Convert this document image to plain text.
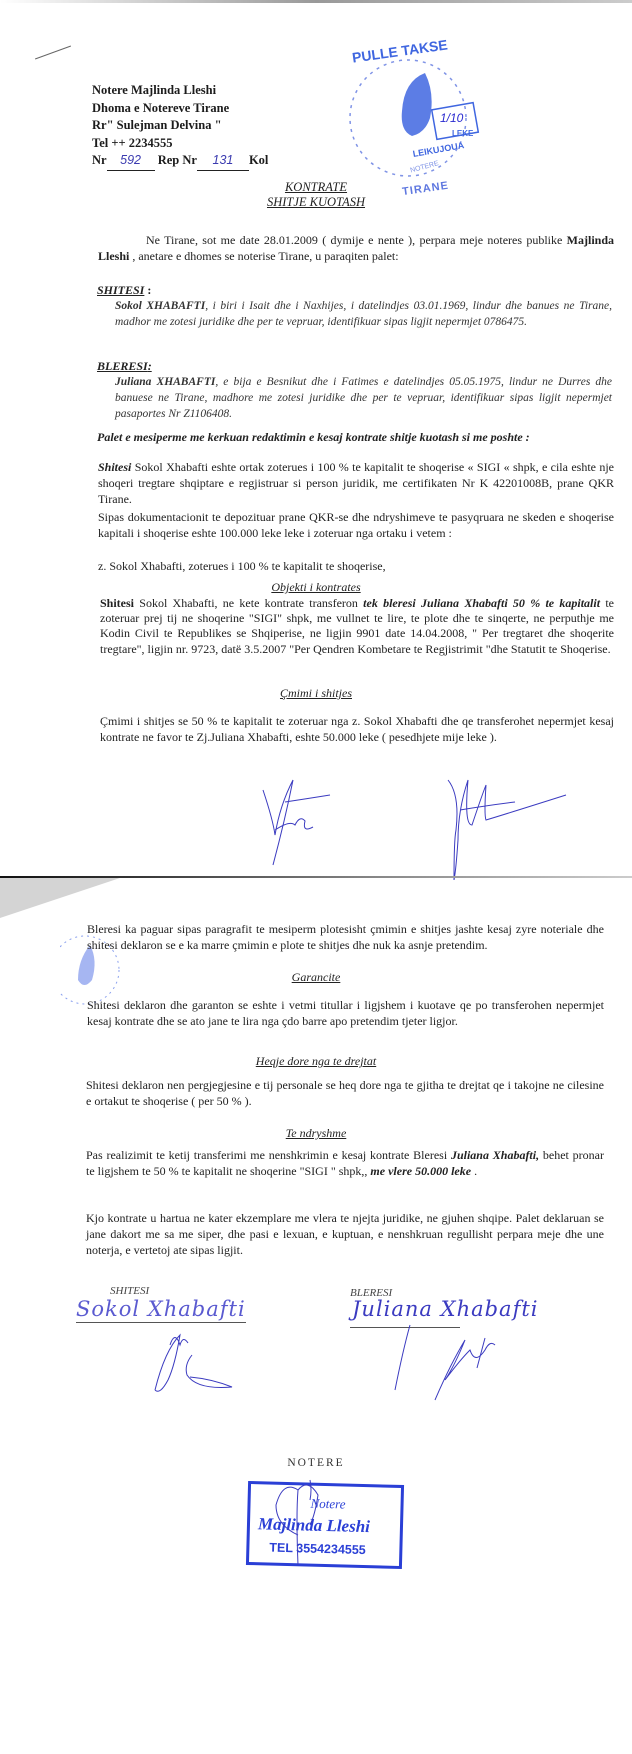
PULLE TAKSE
1/10
LEKE
LEIKUJOUA
NOTERE
TIRANE
Notere Majlinda Lleshi
Dhoma e Notereve Tirane
Rr" Sulejman Delvina "
Tel ++ 2234555
Nr 592 Rep Nr 131 Kol
KONTRATE
SHITJE KUOTASH
Ne Tirane, sot me date 28.01.2009 ( dymije e nente ), perpara meje noteres publike Majlinda Lleshi , anetare e dhomes se noterise Tirane, u paraqiten palet:
SHITESI :
Sokol XHABAFTI, i biri i Isait dhe i Naxhijes, i datelindjes 03.01.1969, lindur dhe banues ne Tirane, madhor me zotesi juridike dhe per te vepruar, identifikuar sipas ligjit nepermjet 0786475.
BLERESI:
Juliana XHABAFTI, e bija e Besnikut dhe i Fatimes e datelindjes 05.05.1975, lindur ne Durres dhe banuese ne Tirane, madhore me zotesi juridike dhe per te vepruar, identifikuar sipas ligjit nepermjet pasaportes Nr Z1106408.
Palet e mesiperme me kerkuan redaktimin e kesaj kontrate shitje kuotash si me poshte :
Shitesi Sokol Xhabafti eshte ortak zoterues i 100 % te kapitalit te shoqerise « SIGI « shpk, e cila eshte nje shoqeri tregtare shqiptare e regjistruar si person juridik, me certifikaten Nr K 42201008B, prane QKR Tirane.
Sipas dokumentacionit te depozituar prane QKR-se dhe ndryshimeve te pasyqruara ne skeden e shoqerise kapitali i shoqerise eshte 100.000 leke leke i zoteruar nga ortaku i vetem :
z. Sokol Xhabafti, zoterues i 100 % te kapitalit te shoqerise,
Objekti i kontrates
Shitesi Sokol Xhabafti, ne kete kontrate transferon tek bleresi Juliana Xhabafti 50 % te kapitalit te zoteruar prej tij ne shoqerine "SIGI" shpk, me vullnet te lire, te plote dhe te sinqerte, ne perputhje me Kodin Civil te Republikes se Shqiperise, ne ligjin 9901 date 14.04.2008, " Per tregtaret dhe shoqerite tregtare", ligjin nr. 9723, datë 3.5.2007 "Per Qendren Kombetare te Regjistrimit "dhe Statutit te Shoqerise.
Çmimi i shitjes
Çmimi i shitjes se 50 % te kapitalit te zoteruar nga z. Sokol Xhabafti dhe qe transferohet nepermjet kesaj kontrate ne favor te Zj.Juliana Xhabafti, eshte 50.000 leke ( pesedhjete mije leke ).
Bleresi ka paguar sipas paragrafit te mesiperm plotesisht çmimin e shitjes jashte kesaj zyre noteriale dhe shitesi deklaron se e ka marre çmimin e plote te shitjes dhe nuk ka asnje pretendim.
Garancite
Shitesi deklaron dhe garanton se eshte i vetmi titullar i ligjshem i kuotave qe po transferohen nepermjet kesaj kontrate dhe se ato jane te lira nga çdo barre apo pretendim tjeter ligjor.
Heqje dore nga te drejtat
Shitesi deklaron nen pergjegjesine e tij personale se heq dore nga te gjitha te drejtat qe i takojne ne cilesine e ortakut te shoqerise ( per 50 % ).
Te ndryshme
Pas realizimit te ketij transferimi me nenshkrimin e kesaj kontrate Bleresi Juliana Xhabafti, behet pronar te ligjshem te 50 % te kapitalit ne shoqerine "SIGI " shpk,, me vlere 50.000 leke .
Kjo kontrate u hartua ne kater ekzemplare me vlera te njejta juridike, ne gjuhen shqipe. Palet deklaruan se jane dakort me sa me siper, dhe pasi e lexuan, e kuptuan, e nenshkruan regullisht perpara meje dhe une noterja, e vertetoj ate sipas ligjit.
SHITESI	BLERESI
Sokol Xhabafti	Juliana Xhabafti
NOTERE
Notere
Majlinda Lleshi
TEL 3554234555
